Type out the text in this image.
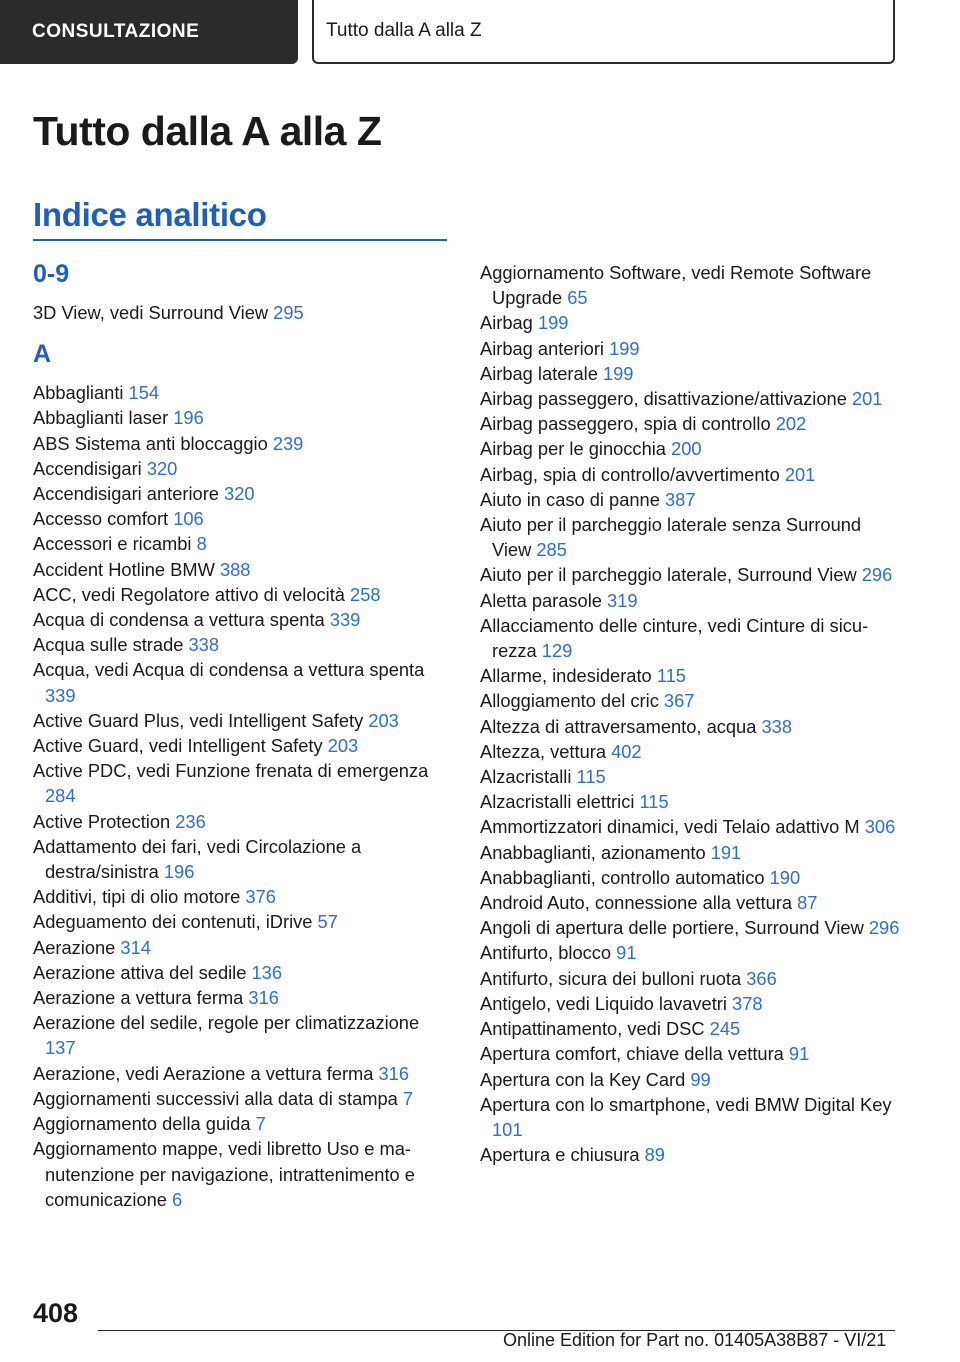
CONSULTAZIONE	Tutto dalla A alla Z
Tutto dalla A alla Z
Indice analitico
0-9
3D View, vedi Surround View 295
A
Abbaglianti 154
Abbaglianti laser 196
ABS Sistema anti bloccaggio 239
Accendisigari 320
Accendisigari anteriore 320
Accesso comfort 106
Accessori e ricambi 8
Accident Hotline BMW 388
ACC, vedi Regolatore attivo di velocità 258
Acqua di condensa a vettura spenta 339
Acqua sulle strade 338
Acqua, vedi Acqua di condensa a vettura spenta 339
Active Guard Plus, vedi Intelligent Safety 203
Active Guard, vedi Intelligent Safety 203
Active PDC, vedi Funzione frenata di emergenza 284
Active Protection 236
Adattamento dei fari, vedi Circolazione a destra/sinistra 196
Additivi, tipi di olio motore 376
Adeguamento dei contenuti, iDrive 57
Aerazione 314
Aerazione attiva del sedile 136
Aerazione a vettura ferma 316
Aerazione del sedile, regole per climatizzazione 137
Aerazione, vedi Aerazione a vettura ferma 316
Aggiornamenti successivi alla data di stampa 7
Aggiornamento della guida 7
Aggiornamento mappe, vedi libretto Uso e manutenzione per navigazione, intrattenimento e comunicazione 6
Aggiornamento Software, vedi Remote Software Upgrade 65
Airbag 199
Airbag anteriori 199
Airbag laterale 199
Airbag passeggero, disattivazione/attivazione 201
Airbag passeggero, spia di controllo 202
Airbag per le ginocchia 200
Airbag, spia di controllo/avvertimento 201
Aiuto in caso di panne 387
Aiuto per il parcheggio laterale senza Surround View 285
Aiuto per il parcheggio laterale, Surround View 296
Aletta parasole 319
Allacciamento delle cinture, vedi Cinture di sicurezza 129
Allarme, indesiderato 115
Alloggiamento del cric 367
Altezza di attraversamento, acqua 338
Altezza, vettura 402
Alzacristalli 115
Alzacristalli elettrici 115
Ammortizzatori dinamici, vedi Telaio adattivo M 306
Anabbaglianti, azionamento 191
Anabbaglianti, controllo automatico 190
Android Auto, connessione alla vettura 87
Angoli di apertura delle portiere, Surround View 296
Antifurto, blocco 91
Antifurto, sicura dei bulloni ruota 366
Antigelo, vedi Liquido lavavetri 378
Antipattinamento, vedi DSC 245
Apertura comfort, chiave della vettura 91
Apertura con la Key Card 99
Apertura con lo smartphone, vedi BMW Digital Key 101
Apertura e chiusura 89
408
Online Edition for Part no. 01405A38B87 - VI/21
